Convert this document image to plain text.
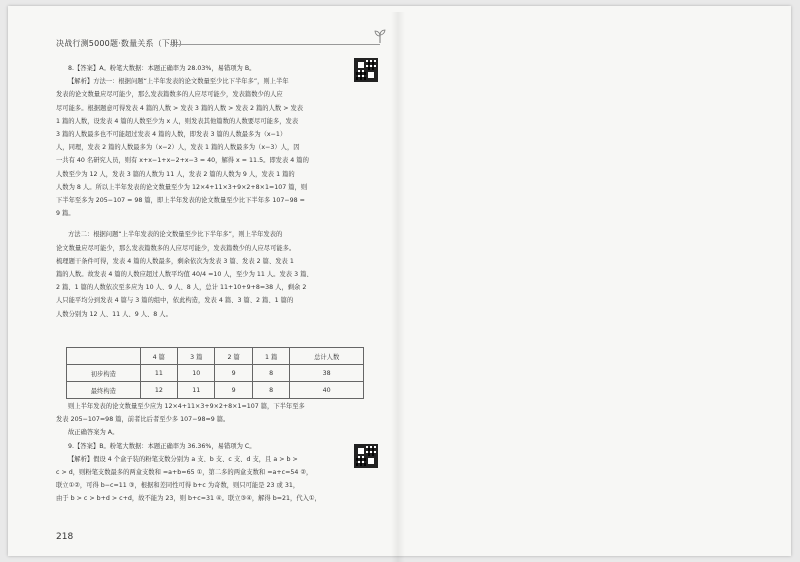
决战行测5000题·数量关系（下册）

8.【答案】A。粉笔大数据：本题正确率为 28.03%，易错项为 B。

【解析】方法一：根据问题“上半年发表的论文数量至少比下半年多”，则上半年

发表的论文数量应尽可能少，那么发表篇数多的人应尽可能少，发表篇数少的人应

尽可能多。根据题意可得发表 4 篇的人数 > 发表 3 篇的人数 > 发表 2 篇的人数 > 发表

1 篇的人数，设发表 4 篇的人数至少为 x 人，则发表其他篇数的人数要尽可能多，发表

3 篇的人数最多也不可能超过发表 4 篇的人数，即发表 3 篇的人数最多为（x−1）

人，同理，发表 2 篇的人数最多为（x−2）人，发表 1 篇的人数最多为（x−3）人，因

一共有 40 名研究人员，则有 x+x−1+x−2+x−3 = 40，解得 x = 11.5。即发表 4 篇的

人数至少为 12 人，发表 3 篇的人数为 11 人，发表 2 篇的人数为 9 人，发表 1 篇的

人数为 8 人。所以上半年发表的论文数量至少为 12×4+11×3+9×2+8×1=107 篇，则

下半年至多为 205−107 = 98 篇，即上半年发表的论文数量至少比下半年多 107−98 =

9 篇。

方法二：根据问题“上半年发表的论文数量至少比下半年多”，则上半年发表的

论文数量应尽可能少，那么发表篇数多的人应尽可能少，发表篇数少的人应尽可能多。

梳理题干条件可得，发表 4 篇的人数最多，剩余依次为发表 3 篇、发表 2 篇、发表 1

篇的人数。故发表 4 篇的人数应超过人数平均值 40/4 =10 人，至少为 11 人。发表 3 篇、

2 篇、1 篇的人数依次至多应为 10 人、9 人、8 人，总计 11+10+9+8=38 人，剩余 2

人只能平均分到发表 4 篇与 3 篇的组中，依此构造，发表 4 篇、3 篇、2 篇、1 篇的

人数分别为 12 人、11 人、9 人、8 人。

	4 篇	3 篇	2 篇	1 篇	总计人数
初步构造	11	10	9	8	38
最终构造	12	11	9	8	40

则上半年发表的论文数量至少应为 12×4+11×3+9×2+8×1=107 篇，下半年至多

发表 205−107=98 篇，前者比后者至少多 107−98=9 篇。

故正确答案为 A。

9.【答案】B。粉笔大数据：本题正确率为 36.36%，易错项为 C。

【解析】假设 4 个盒子装的粉笔支数分别为 a 支、b 支、c 支、d 支，且 a > b >

c > d，则粉笔支数最多的两盒支数和 =a+b=65 ①，第二多的两盒支数和 =a+c=54 ②，

联立①②，可得 b−c=11 ③，根据和差同性可得 b+c 为奇数，则只可能是 23 或 31，

由于 b > c > b+d > c+d，故不能为 23，则 b+c=31 ④。联立③④，解得 b=21，代入①，

218
